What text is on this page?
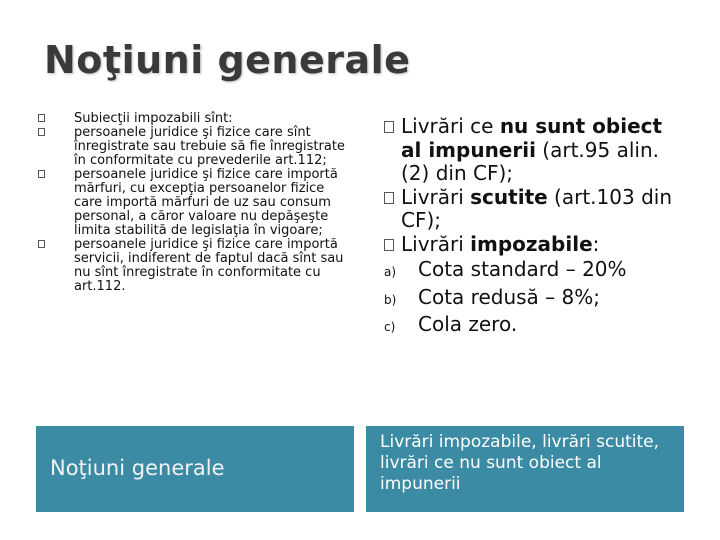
Noţiuni generale
Subiecţii impozabili sînt:
persoanele juridice şi fizice care sînt înregistrate sau trebuie să fie înregistrate în conformitate cu prevederile art.112;
persoanele juridice şi fizice care importă mărfuri, cu excepţia persoanelor fizice care importă mărfuri de uz sau consum personal, a căror valoare nu depăşeşte limita stabilită de legislaţia în vigoare;
persoanele juridice şi fizice care importă servicii, indiferent de faptul dacă sînt sau nu sînt înregistrate în conformitate cu art.112.
Livrări ce nu sunt obiect al impunerii (art.95 alin.(2) din CF);
Livrări scutite (art.103 din CF);
Livrări impozabile:
a) Cota standard – 20%
b) Cota redusă – 8%;
c) Cola zero.
Noţiuni generale
Livrări impozabile, livrări scutite, livrări ce nu sunt obiect al impunerii
